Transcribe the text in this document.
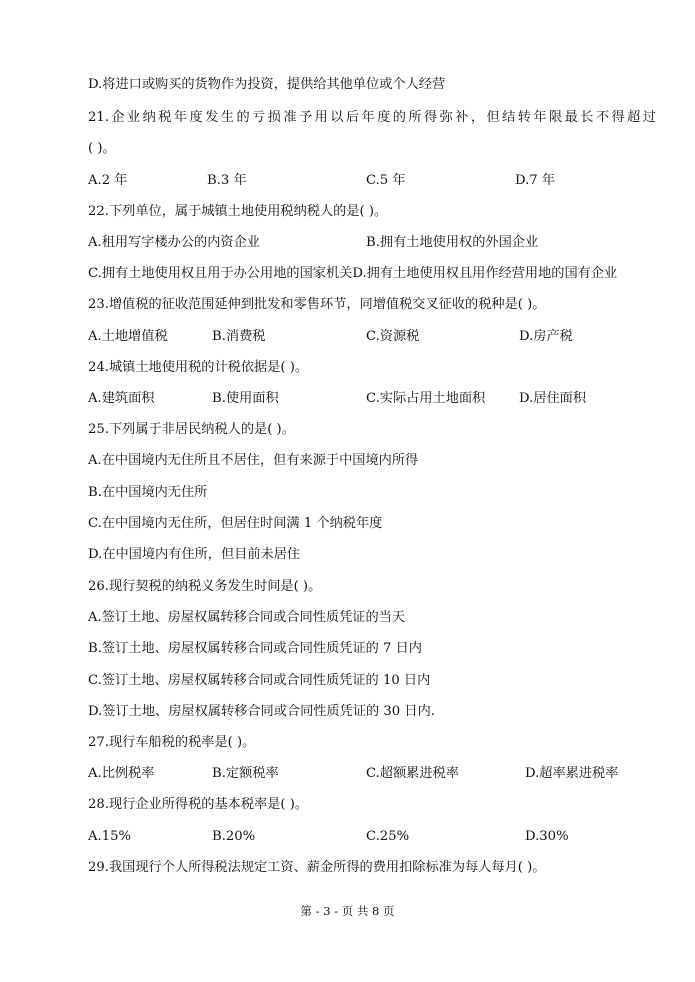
D.将进口或购买的货物作为投资，提供给其他单位或个人经营
21.企业纳税年度发生的亏损准予用以后年度的所得弥补，但结转年限最长不得超过
( )。
A.2 年	B.3 年	C.5 年	D.7 年
22.下列单位，属于城镇土地使用税纳税人的是( )。
A.租用写字楼办公的内资企业	B.拥有土地使用权的外国企业
C.拥有土地使用权且用于办公用地的国家机关D.拥有土地使用权且用作经营用地的国有企业
23.增值税的征收范围延伸到批发和零售环节，同增值税交叉征收的税种是( )。
A.土地增值税	B.消费税	C.资源税	D.房产税
24.城镇土地使用税的计税依据是( )。
A.建筑面积	B.使用面积	C.实际占用土地面积	D.居住面积
25.下列属于非居民纳税人的是( )。
A.在中国境内无住所且不居住，但有来源于中国境内所得
B.在中国境内无住所
C.在中国境内无住所，但居住时间满 1 个纳税年度
D.在中国境内有住所，但目前未居住
26.现行契税的纳税义务发生时间是( )。
A.签订土地、房屋权属转移合同或合同性质凭证的当天
B.签订土地、房屋权属转移合同或合同性质凭证的 7 日内
C.签订土地、房屋权属转移合同或合同性质凭证的 10 日内
D.签订土地、房屋权属转移合同或合同性质凭证的 30 日内.
27.现行车船税的税率是( )。
A.比例税率	B.定额税率	C.超额累进税率	D.超率累进税率
28.现行企业所得税的基本税率是( )。
A.15%	B.20%	C.25%	D.30%
29.我国现行个人所得税法规定工资、薪金所得的费用扣除标准为每人每月( )。
第 - 3 - 页 共 8 页
